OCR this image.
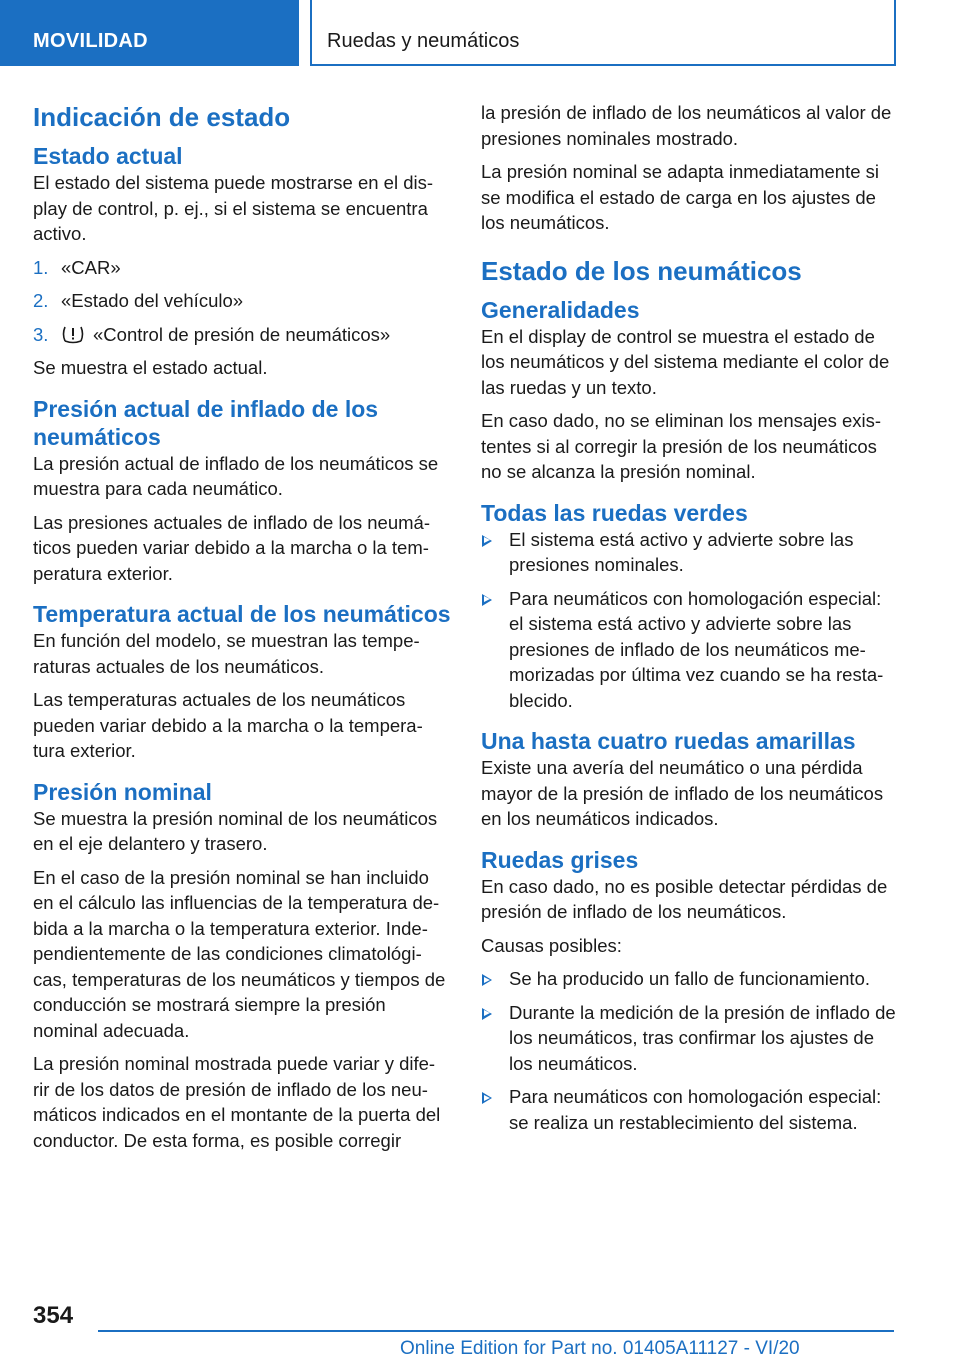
MOVILIDAD	Ruedas y neumáticos
Indicación de estado
Estado actual

El estado del sistema puede mostrarse en el dis-play de control, p. ej., si el sistema se encuentra activo.

1. «CAR»
2. «Estado del vehículo»
3. «Control de presión de neumáticos»

Se muestra el estado actual.

Presión actual de inflado de los neumáticos

La presión actual de inflado de los neumáticos se muestra para cada neumático.

Las presiones actuales de inflado de los neumá-ticos pueden variar debido a la marcha o la tem-peratura exterior.

Temperatura actual de los neumáticos

En función del modelo, se muestran las tempe-raturas actuales de los neumáticos.

Las temperaturas actuales de los neumáticos pueden variar debido a la marcha o la tempera-tura exterior.

Presión nominal

Se muestra la presión nominal de los neumáticos en el eje delantero y trasero.

En el caso de la presión nominal se han incluido en el cálculo las influencias de la temperatura de-bida a la marcha o la temperatura exterior. Inde-pendientemente de las condiciones climatológi-cas, temperaturas de los neumáticos y tiempos de conducción se mostrará siempre la presión nominal adecuada.

La presión nominal mostrada puede variar y dife-rir de los datos de presión de inflado de los neu-máticos indicados en el montante de la puerta del conductor. De esta forma, es posible corregir

la presión de inflado de los neumáticos al valor de presiones nominales mostrado.

La presión nominal se adapta inmediatamente si se modifica el estado de carga en los ajustes de los neumáticos.

Estado de los neumáticos
Generalidades

En el display de control se muestra el estado de los neumáticos y del sistema mediante el color de las ruedas y un texto.

En caso dado, no se eliminan los mensajes exis-tentes si al corregir la presión de los neumáticos no se alcanza la presión nominal.

Todas las ruedas verdes
El sistema está activo y advierte sobre las presiones nominales.
Para neumáticos con homologación especial: el sistema está activo y advierte sobre las presiones de inflado de los neumáticos me-morizadas por última vez cuando se ha resta-blecido.
Una hasta cuatro ruedas amarillas

Existe una avería del neumático o una pérdida mayor de la presión de inflado de los neumáticos en los neumáticos indicados.

Ruedas grises

En caso dado, no es posible detectar pérdidas de presión de inflado de los neumáticos.

Causas posibles:

Se ha producido un fallo de funcionamiento.
Durante la medición de la presión de inflado de los neumáticos, tras confirmar los ajustes de los neumáticos.
Para neumáticos con homologación especial: se realiza un restablecimiento del sistema.
354
Online Edition for Part no. 01405A11127 - VI/20
